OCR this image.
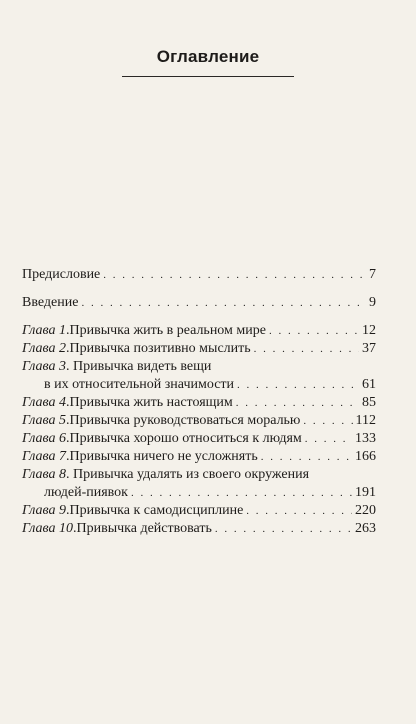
Оглавление
Предисловие . . .	7
Введение . . .	9
Глава 1 . Привычка жить в реальном мире . . .	12
Глава 2 . Привычка позитивно мыслить . . .	37
Глава 3. Привычка видеть вещи
в их относительной значимости . . .	61
Глава 4 . Привычка жить настоящим . . .	85
Глава 5 . Привычка руководствоваться моралью . . .	112
Глава 6 . Привычка хорошо относиться к людям . . .	133
Глава 7 . Привычка ничего не усложнять . . .	166
Глава 8. Привычка удалять из своего окружения
людей-пиявок . . .	191
Глава 9 . Привычка к самодисциплине . . .	220
Глава 10 . Привычка действовать . . .	263
